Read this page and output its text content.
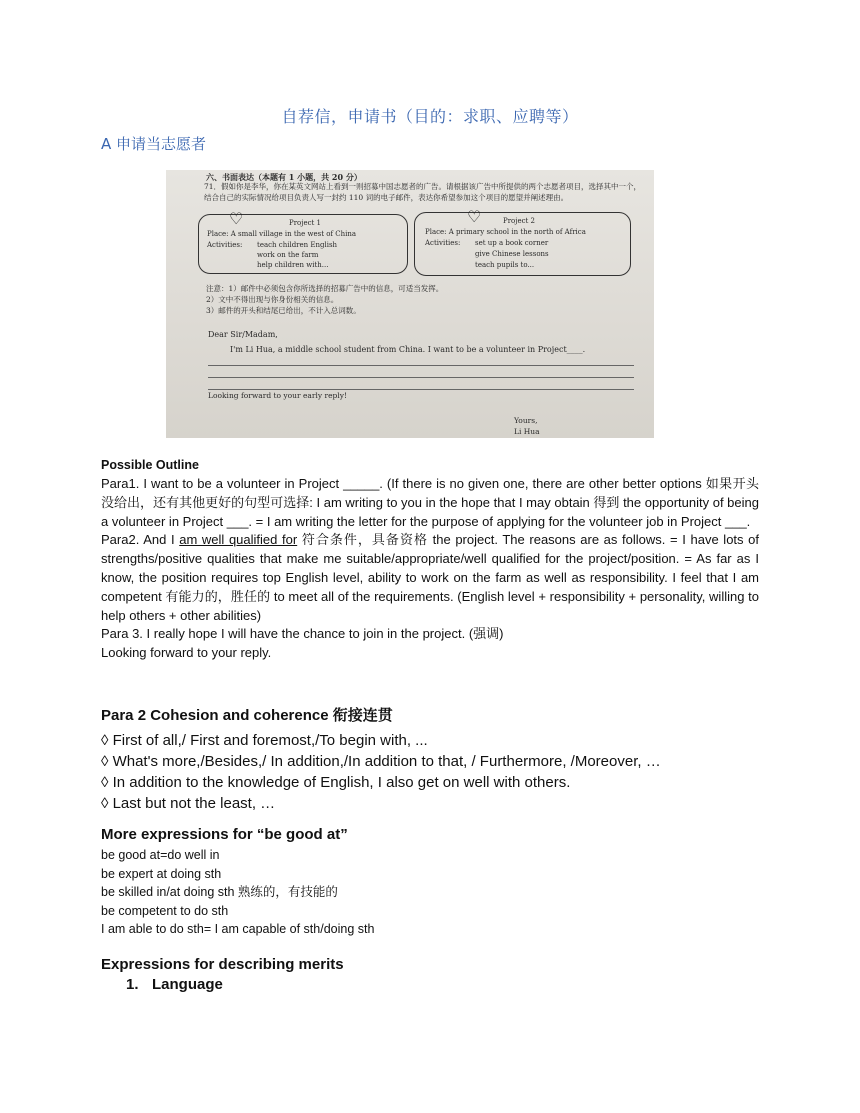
自荐信，申请书（目的：求职、应聘等）
A 申请当志愿者
六、书面表达（本题有 1 小题，共 20 分）
71．假如你是李华，你在某英文网站上看到一则招募中国志愿者的广告。请根据该广告中所提供的两个志愿者项目，选择其中一个，结合自己的实际情况给项目负责人写一封约 110 词的电子邮件，表达你希望参加这个项目的愿望并阐述理由。
♡	Project 1
Place: A small village in the west of China
Activities: teach children English
work on the farm
help children with...
♡	Project 2
Place: A primary school in the north of Africa
Activities: set up a book corner
give Chinese lessons
teach pupils to...
注意：1）邮件中必须包含你所选择的招募广告中的信息，可适当发挥。
2）文中不得出现与你身份相关的信息。
3）邮件的开头和结尾已给出，不计入总词数。
Dear Sir/Madam,
I'm Li Hua, a middle school student from China. I want to be a volunteer in Project____.
Looking forward to your early reply!
Yours,
Li Hua
Possible Outline

Para1. I want to be a volunteer in Project _____. (If there is no given one, there are other better options 如果开头没给出，还有其他更好的句型可选择: I am writing to you in the hope that I may obtain 得到 the opportunity of being a volunteer in Project ___. = I am writing the letter for the purpose of applying for the volunteer job in Project ___.

Para2. And I am well qualified for 符合条件，具备资格 the project. The reasons are as follows. = I have lots of strengths/positive qualities that make me suitable/appropriate/well qualified for the project/position. = As far as I know, the position requires top English level, ability to work on the farm as well as responsibility. I feel that I am competent 有能力的，胜任的 to meet all of the requirements. (English level + responsibility + personality, willing to help others + other abilities)

Para 3. I really hope I will have the chance to join in the project. (强调)

Looking forward to your reply.

Para 2 Cohesion and coherence 衔接连贯
◊ First of all,/ First and foremost,/To begin with, ...
◊ What's more,/Besides,/ In addition,/In addition to that, / Furthermore, /Moreover, …
◊ In addition to the knowledge of English, I also get on well with others.
◊ Last but not the least, …
More expressions for “be good at”
be good at=do well in
be expert at doing sth
be skilled in/at doing sth 熟练的，有技能的
be competent to do sth
I am able to do sth= I am capable of sth/doing sth
Expressions for describing merits
1. Language
